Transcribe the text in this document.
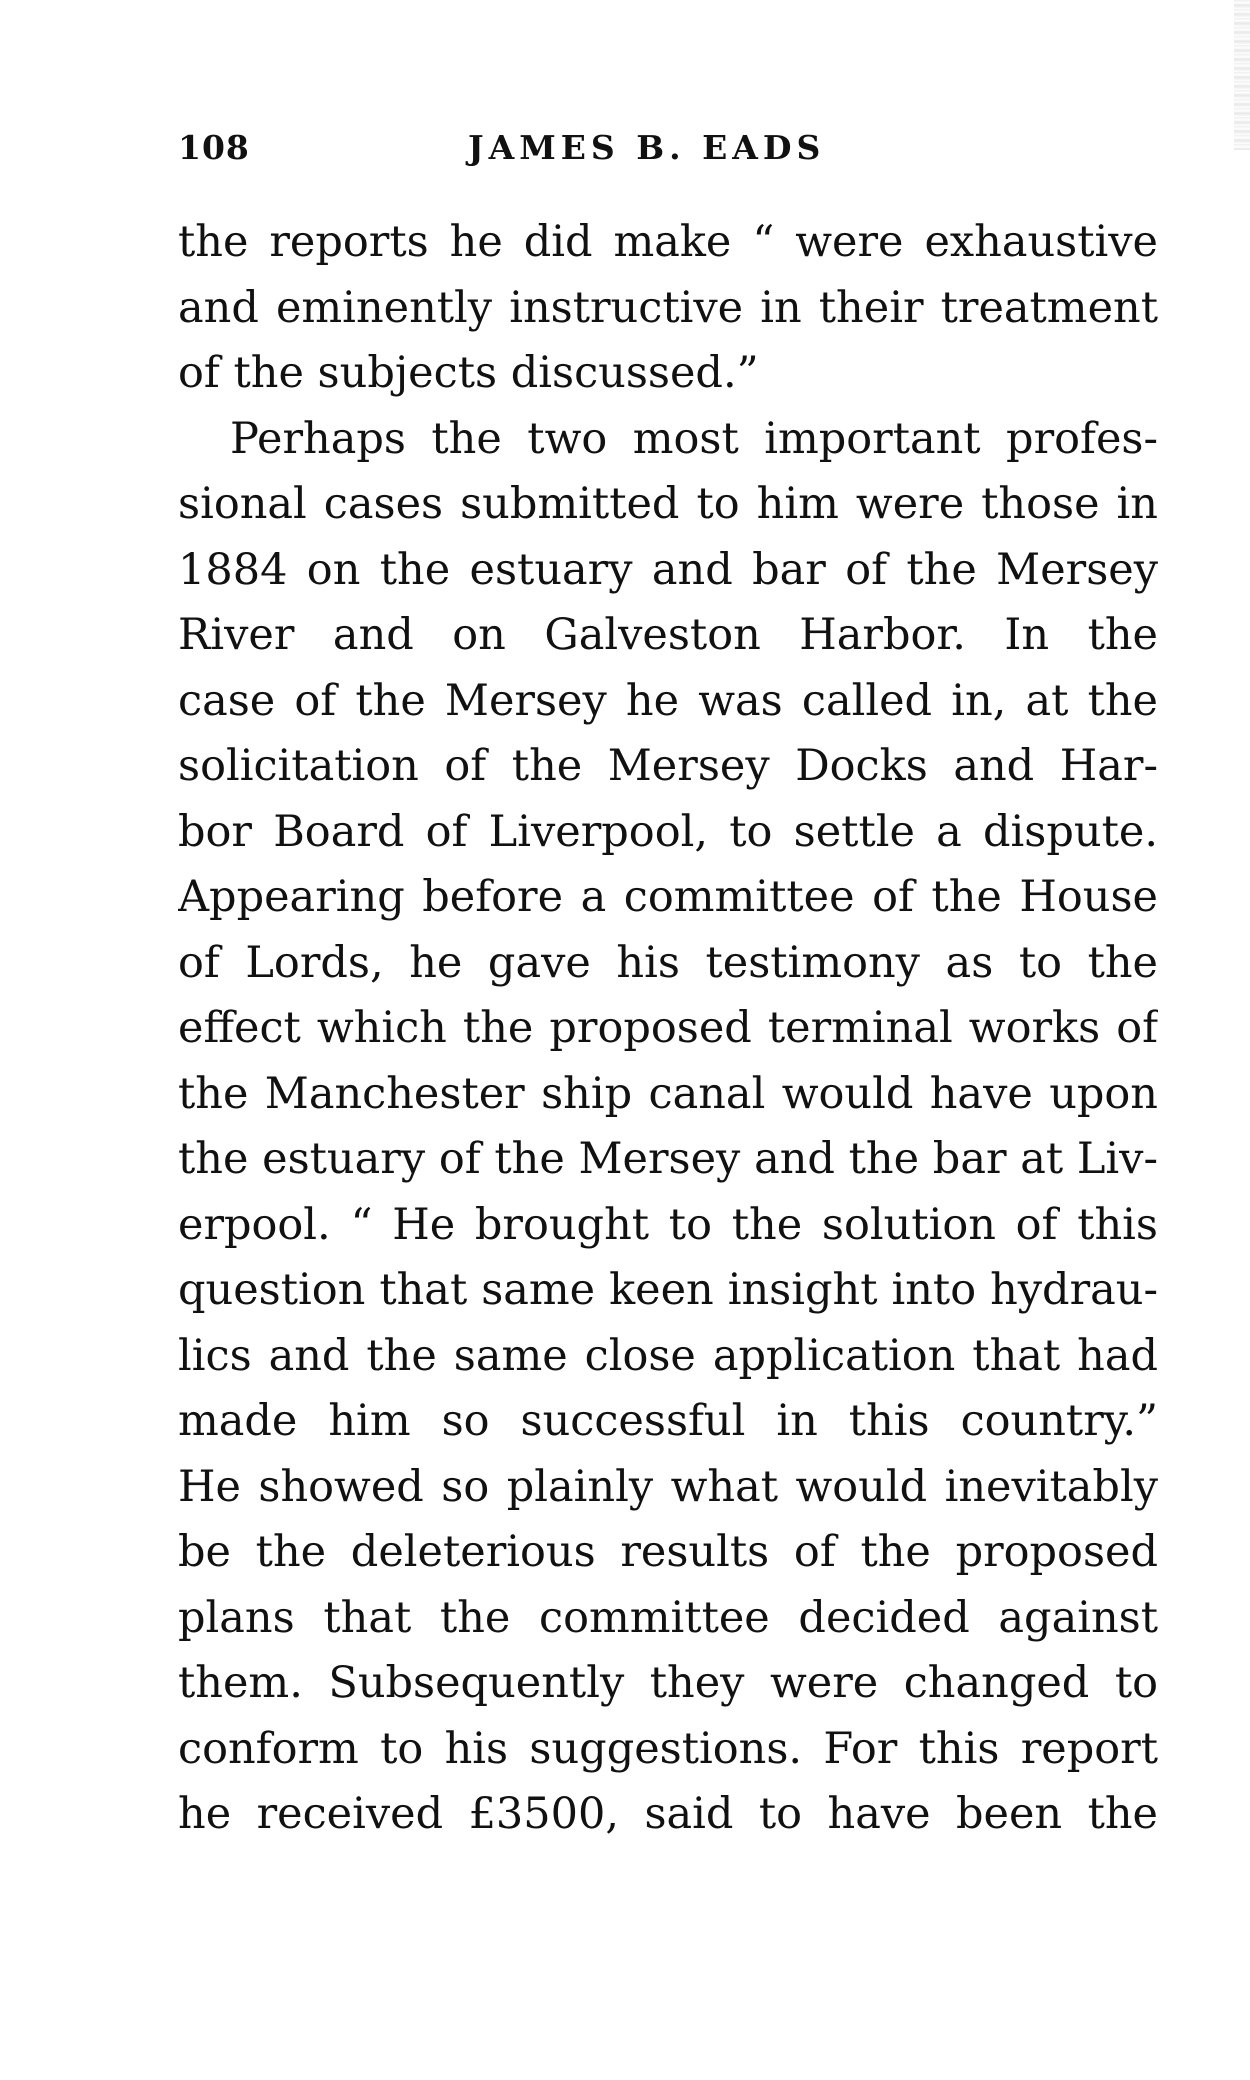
108	JAMES B. EADS
the reports he did make “ were exhaustive
and eminently instructive in their treatment
of the subjects discussed.”
Perhaps the two most important profes-
sional cases submitted to him were those in
1884 on the estuary and bar of the Mersey
River and on Galveston Harbor. In the
case of the Mersey he was called in, at the
solicitation of the Mersey Docks and Har-
bor Board of Liverpool, to settle a dispute.
Appearing before a committee of the House
of Lords, he gave his testimony as to the
effect which the proposed terminal works of
the Manchester ship canal would have upon
the estuary of the Mersey and the bar at Liv-
erpool. “ He brought to the solution of this
question that same keen insight into hydrau-
lics and the same close application that had
made him so successful in this country.”
He showed so plainly what would inevitably
be the deleterious results of the proposed
plans that the committee decided against
them. Subsequently they were changed to
conform to his suggestions. For this report
he received £3500, said to have been the
